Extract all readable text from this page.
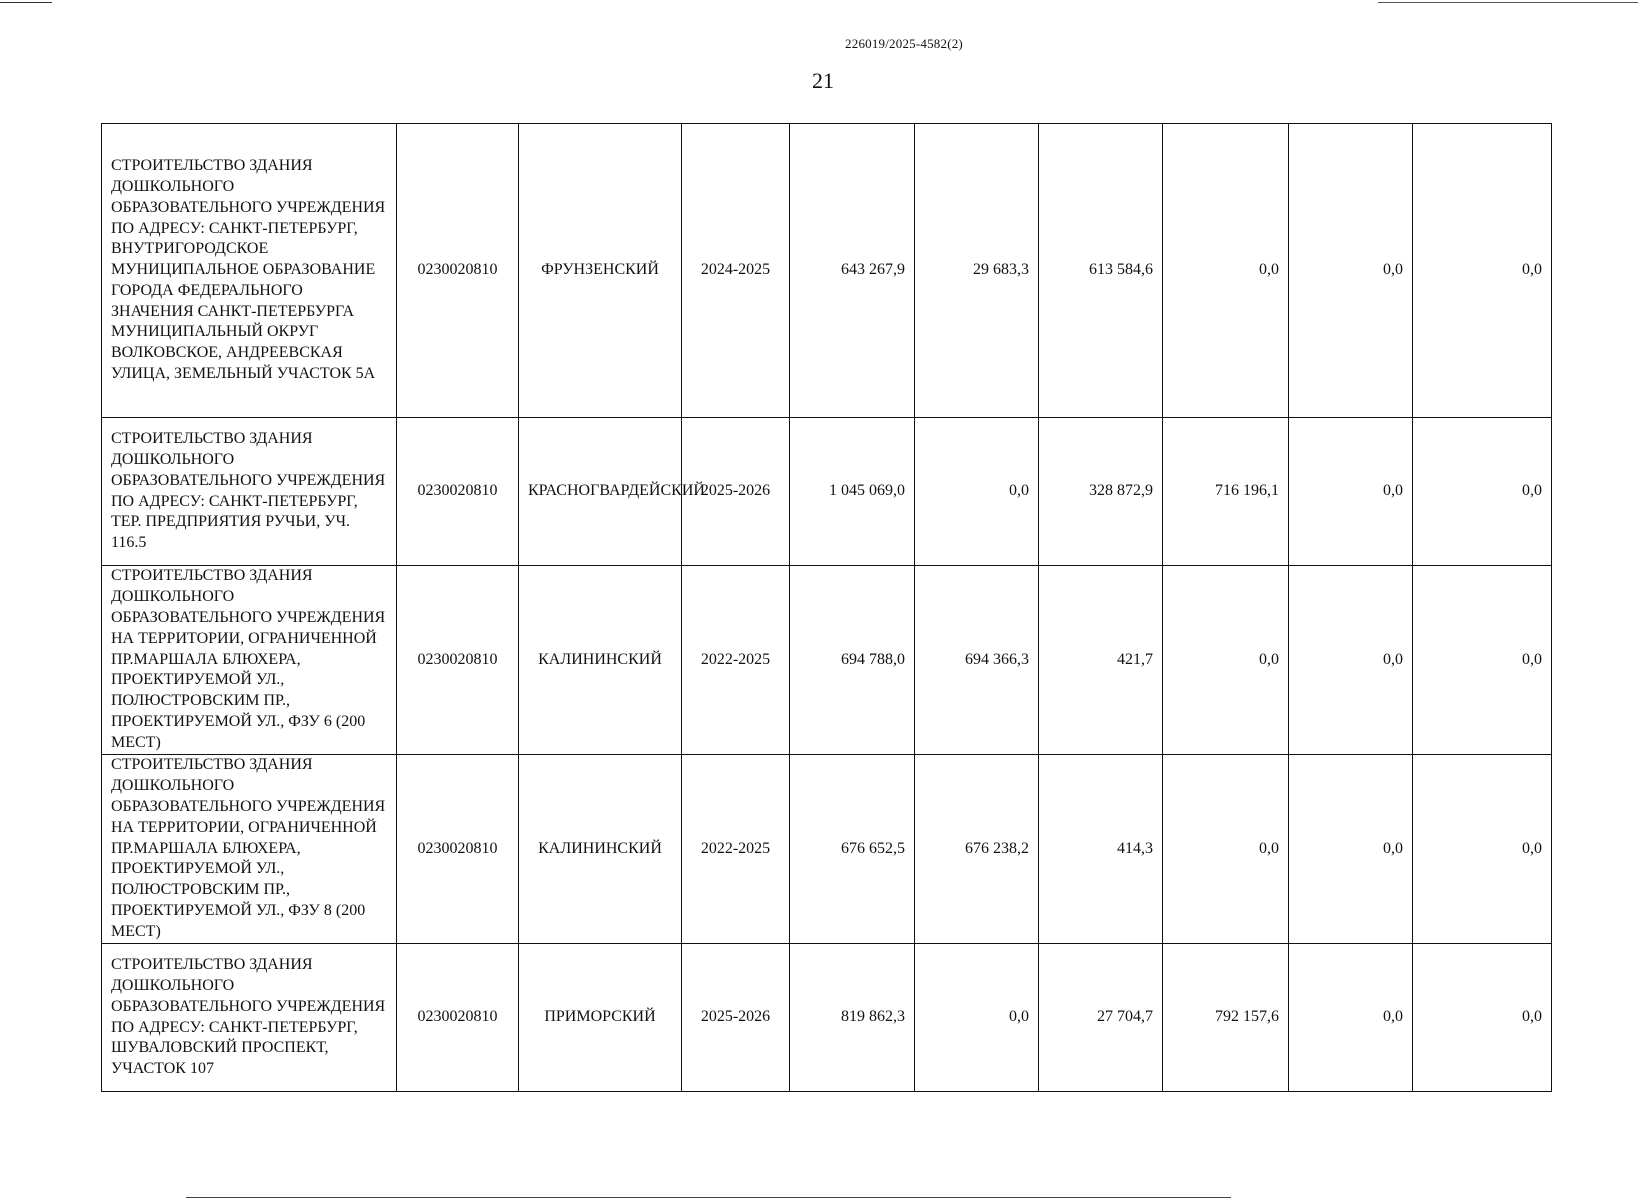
226019/2025-4582(2)
21
СТРОИТЕЛЬСТВО ЗДАНИЯ ДОШКОЛЬНОГО ОБРАЗОВАТЕЛЬНОГО УЧРЕЖДЕНИЯ ПО АДРЕСУ: САНКТ-ПЕТЕРБУРГ, ВНУТРИГОРОДСКОЕ МУНИЦИПАЛЬНОЕ ОБРАЗОВАНИЕ ГОРОДА ФЕДЕРАЛЬНОГО ЗНАЧЕНИЯ САНКТ-ПЕТЕРБУРГА МУНИЦИПАЛЬНЫЙ ОКРУГ ВОЛКОВСКОЕ, АНДРЕЕВСКАЯ УЛИЦА, ЗЕМЕЛЬНЫЙ УЧАСТОК 5А	0230020810	ФРУНЗЕНСКИЙ	2024-2025	643 267,9	29 683,3	613 584,6	0,0	0,0	0,0
СТРОИТЕЛЬСТВО ЗДАНИЯ ДОШКОЛЬНОГО ОБРАЗОВАТЕЛЬНОГО УЧРЕЖДЕНИЯ ПО АДРЕСУ: САНКТ-ПЕТЕРБУРГ, ТЕР. ПРЕДПРИЯТИЯ РУЧЬИ, УЧ. 116.5	0230020810	КРАСНОГВАРДЕЙСКИЙ	2025-2026	1 045 069,0	0,0	328 872,9	716 196,1	0,0	0,0
СТРОИТЕЛЬСТВО ЗДАНИЯ ДОШКОЛЬНОГО ОБРАЗОВАТЕЛЬНОГО УЧРЕЖДЕНИЯ НА ТЕРРИТОРИИ, ОГРАНИЧЕННОЙ ПР.МАРШАЛА БЛЮХЕРА, ПРОЕКТИРУЕМОЙ УЛ., ПОЛЮСТРОВСКИМ ПР., ПРОЕКТИРУЕМОЙ УЛ., ФЗУ 6 (200 МЕСТ)	0230020810	КАЛИНИНСКИЙ	2022-2025	694 788,0	694 366,3	421,7	0,0	0,0	0,0
СТРОИТЕЛЬСТВО ЗДАНИЯ ДОШКОЛЬНОГО ОБРАЗОВАТЕЛЬНОГО УЧРЕЖДЕНИЯ НА ТЕРРИТОРИИ, ОГРАНИЧЕННОЙ ПР.МАРШАЛА БЛЮХЕРА, ПРОЕКТИРУЕМОЙ УЛ., ПОЛЮСТРОВСКИМ ПР., ПРОЕКТИРУЕМОЙ УЛ., ФЗУ 8 (200 МЕСТ)	0230020810	КАЛИНИНСКИЙ	2022-2025	676 652,5	676 238,2	414,3	0,0	0,0	0,0
СТРОИТЕЛЬСТВО ЗДАНИЯ ДОШКОЛЬНОГО ОБРАЗОВАТЕЛЬНОГО УЧРЕЖДЕНИЯ ПО АДРЕСУ: САНКТ-ПЕТЕРБУРГ, ШУВАЛОВСКИЙ ПРОСПЕКТ, УЧАСТОК 107	0230020810	ПРИМОРСКИЙ	2025-2026	819 862,3	0,0	27 704,7	792 157,6	0,0	0,0
